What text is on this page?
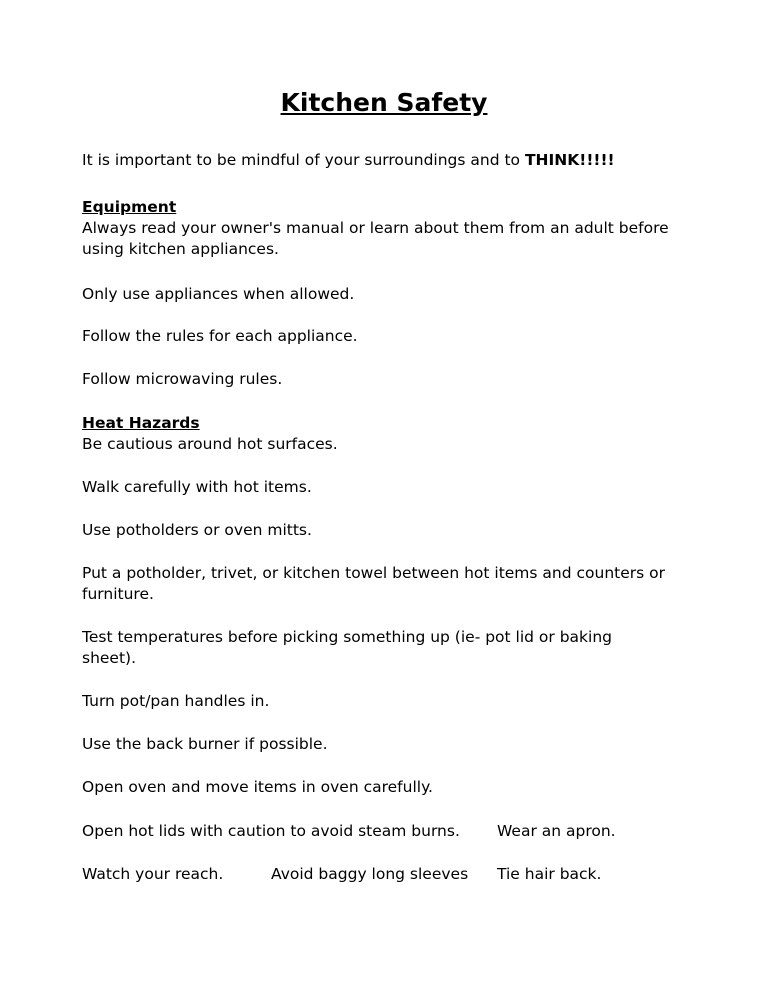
Kitchen Safety

It is important to be mindful of your surroundings and to THINK!!!!!

Equipment
Always read your owner's manual or learn about them from an adult before using kitchen appliances.

Only use appliances when allowed.

Follow the rules for each appliance.

Follow microwaving rules.

Heat Hazards
Be cautious around hot surfaces.

Walk carefully with hot items.

Use potholders or oven mitts.

Put a potholder, trivet, or kitchen towel between hot items and counters or furniture.

Test temperatures before picking something up (ie- pot lid or baking sheet).

Turn pot/pan handles in.

Use the back burner if possible.

Open oven and move items in oven carefully.

Open hot lids with caution to avoid steam burns. Wear an apron.
Watch your reach.	Avoid baggy long sleeves Tie hair back.
